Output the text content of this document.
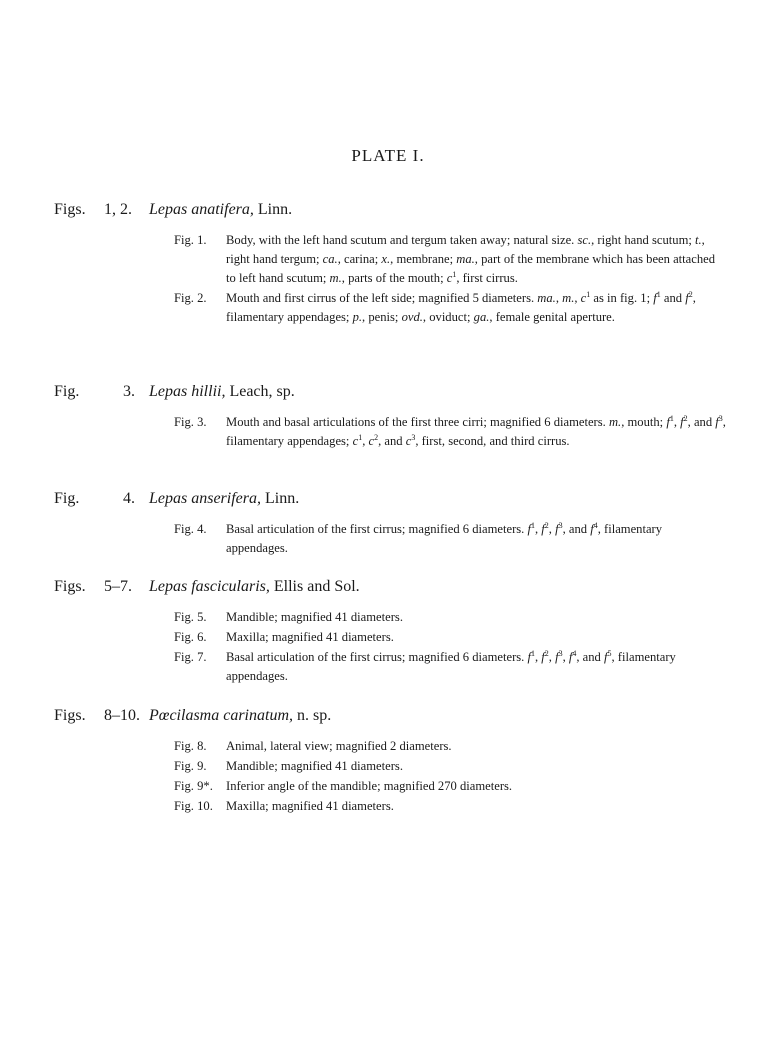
PLATE I.
Figs. 1, 2. Lepas anatifera, Linn.
Fig. 1. Body, with the left hand scutum and tergum taken away; natural size. sc., right hand scutum; t., right hand tergum; ca., carina; x., membrane; ma., part of the membrane which has been attached to left hand scutum; m., parts of the mouth; $c^1$, first cirrus.
Fig. 2. Mouth and first cirrus of the left side; magnified 5 diameters. ma., m., $c^1$ as in fig. 1; $f^1$ and $f^2$, filamentary appendages; p., penis; ovd., oviduct; ga., female genital aperture.
Fig.	3. Lepas hillii, Leach, sp.
Fig. 3. Mouth and basal articulations of the first three cirri; magnified 6 diameters. m., mouth; $f^1$, $f^2$, and $f^3$, filamentary appendages; $c^1$, $c^2$, and $c^3$, first, second, and third cirrus.
Fig.	4. Lepas anserifera, Linn.
Fig. 4. Basal articulation of the first cirrus; magnified 6 diameters. $f^1$, $f^2$, $f^3$, and $f^4$, filamentary appendages.
Figs. 5–7. Lepas fascicularis, Ellis and Sol.
Fig. 5. Mandible; magnified 41 diameters.
Fig. 6. Maxilla; magnified 41 diameters.
Fig. 7. Basal articulation of the first cirrus; magnified 6 diameters. $f^1$, $f^2$, $f^3$, $f^4$, and $f^5$, filamentary appendages.
Figs. 8–10. Pœcilasma carinatum, n. sp.
Fig. 8. Animal, lateral view; magnified 2 diameters.
Fig. 9. Mandible; magnified 41 diameters.
Fig. 9*. Inferior angle of the mandible; magnified 270 diameters.
Fig. 10. Maxilla; magnified 41 diameters.
